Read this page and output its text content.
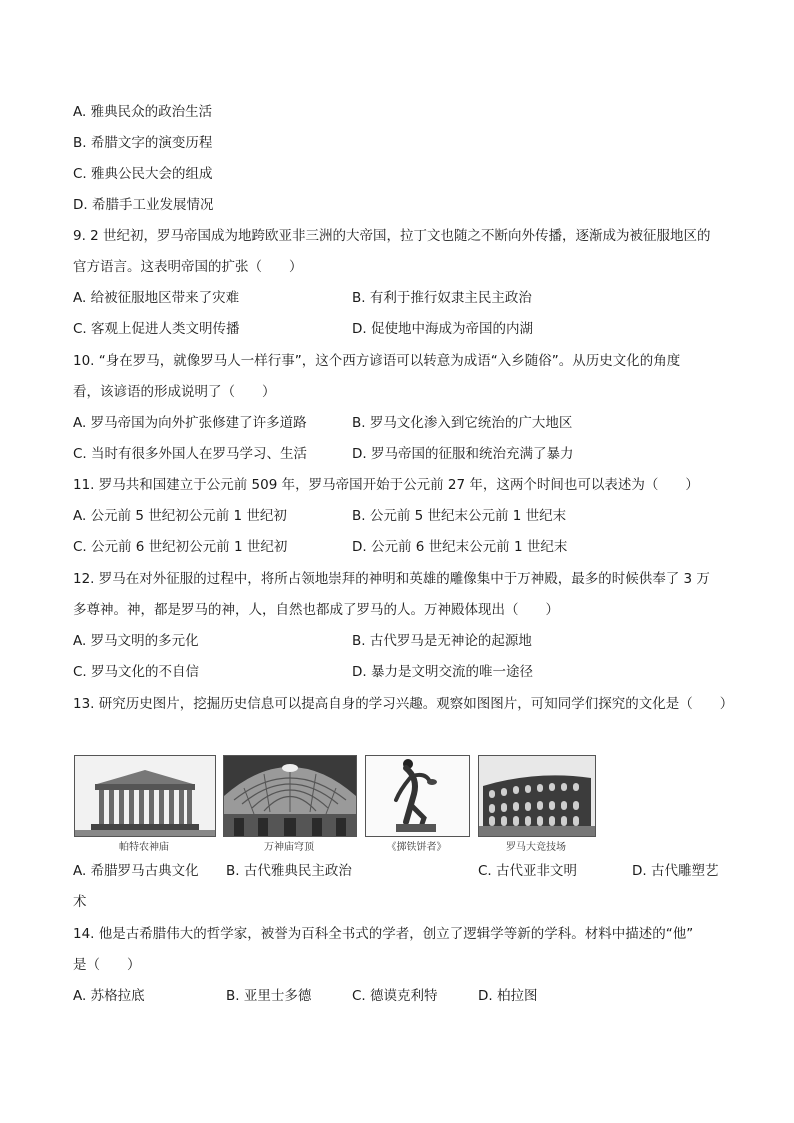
A. 雅典民众的政治生活
B. 希腊文字的演变历程
C. 雅典公民大会的组成
D. 希腊手工业发展情况
9. 2 世纪初，罗马帝国成为地跨欧亚非三洲的大帝国，拉丁文也随之不断向外传播，逐渐成为被征服地区的
官方语言。这表明帝国的扩张（　　）
A. 给被征服地区带来了灾难	B. 有利于推行奴隶主民主政治
C. 客观上促进人类文明传播	D. 促使地中海成为帝国的内湖
10. “身在罗马，就像罗马人一样行事”，这个西方谚语可以转意为成语“入乡随俗”。从历史文化的角度
看，该谚语的形成说明了（　　）
A. 罗马帝国为向外扩张修建了许多道路	B. 罗马文化渗入到它统治的广大地区
C. 当时有很多外国人在罗马学习、生活	D. 罗马帝国的征服和统治充满了暴力
11. 罗马共和国建立于公元前 509 年，罗马帝国开始于公元前 27 年，这两个时间也可以表述为（　　）
A. 公元前 5 世纪初公元前 1 世纪初	B. 公元前 5 世纪末公元前 1 世纪末
C. 公元前 6 世纪初公元前 1 世纪初	D. 公元前 6 世纪末公元前 1 世纪末
12. 罗马在对外征服的过程中，将所占领地崇拜的神明和英雄的雕像集中于万神殿，最多的时候供奉了 3 万
多尊神。神，都是罗马的神，人，自然也都成了罗马的人。万神殿体现出（　　）
A. 罗马文明的多元化	B. 古代罗马是无神论的起源地
C. 罗马文化的不自信	D. 暴力是文明交流的唯一途径
13. 研究历史图片，挖掘历史信息可以提高自身的学习兴趣。观察如图图片，可知同学们探究的文化是（　　）
帕特农神庙	万神庙穹顶	《掷铁饼者》	罗马大竞技场
A. 希腊罗马古典文化 B. 古代雅典民主政治	C. 古代亚非文明	D. 古代雕塑艺
术
14. 他是古希腊伟大的哲学家，被誉为百科全书式的学者，创立了逻辑学等新的学科。材料中描述的“他”
是（　　）
A. 苏格拉底	B. 亚里士多德	C. 德谟克利特	D. 柏拉图
